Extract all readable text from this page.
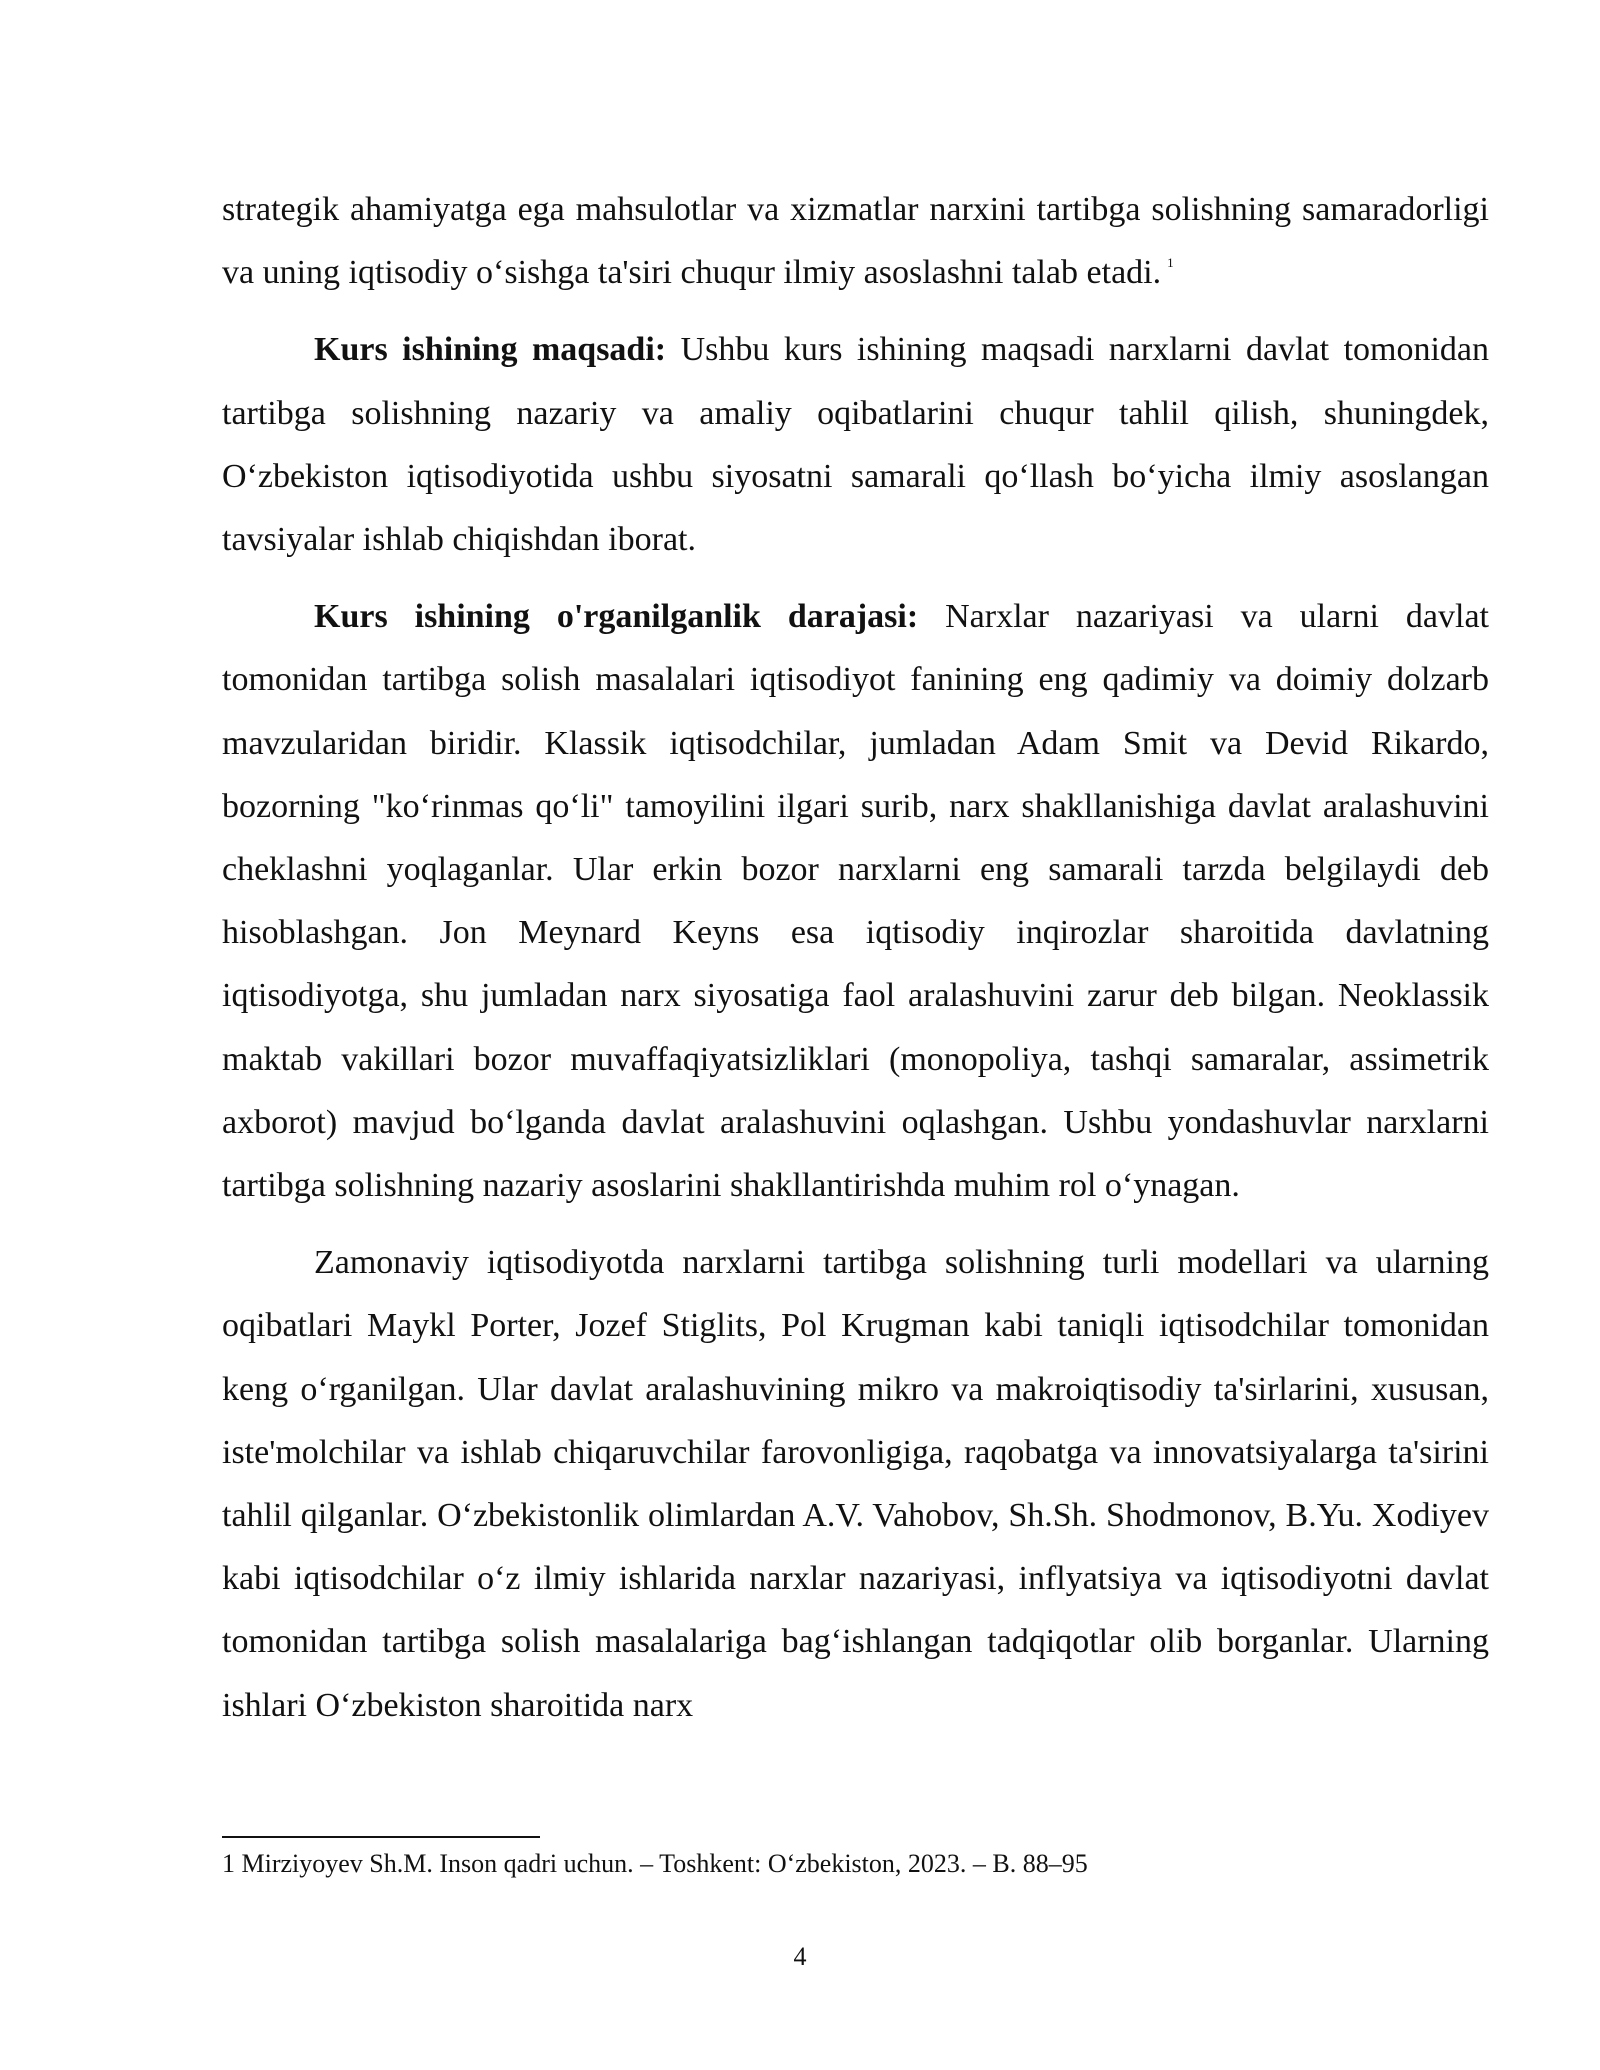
strategik ahamiyatga ega mahsulotlar va xizmatlar narxini tartibga solishning samaradorligi va uning iqtisodiy o‘sishga ta'siri chuqur ilmiy asoslashni talab etadi. $^1$

Kurs ishining maqsadi: Ushbu kurs ishining maqsadi narxlarni davlat tomonidan tartibga solishning nazariy va amaliy oqibatlarini chuqur tahlil qilish, shuningdek, O‘zbekiston iqtisodiyotida ushbu siyosatni samarali qo‘llash bo‘yicha ilmiy asoslangan tavsiyalar ishlab chiqishdan iborat.

Kurs ishining o'rganilganlik darajasi: Narxlar nazariyasi va ularni davlat tomonidan tartibga solish masalalari iqtisodiyot fanining eng qadimiy va doimiy dolzarb mavzularidan biridir. Klassik iqtisodchilar, jumladan Adam Smit va Devid Rikardo, bozorning "ko‘rinmas qo‘li" tamoyilini ilgari surib, narx shakllanishiga davlat aralashuvini cheklashni yoqlaganlar. Ular erkin bozor narxlarni eng samarali tarzda belgilaydi deb hisoblashgan. Jon Meynard Keyns esa iqtisodiy inqirozlar sharoitida davlatning iqtisodiyotga, shu jumladan narx siyosatiga faol aralashuvini zarur deb bilgan. Neoklassik maktab vakillari bozor muvaffaqiyatsizliklari (monopoliya, tashqi samaralar, assimetrik axborot) mavjud bo‘lganda davlat aralashuvini oqlashgan. Ushbu yondashuvlar narxlarni tartibga solishning nazariy asoslarini shakllantirishda muhim rol o‘ynagan.

Zamonaviy iqtisodiyotda narxlarni tartibga solishning turli modellari va ularning oqibatlari Maykl Porter, Jozef Stiglits, Pol Krugman kabi taniqli iqtisodchilar tomonidan keng o‘rganilgan. Ular davlat aralashuvining mikro va makroiqtisodiy ta'sirlarini, xususan, iste'molchilar va ishlab chiqaruvchilar farovonligiga, raqobatga va innovatsiyalarga ta'sirini tahlil qilganlar. O‘zbekistonlik olimlardan A.V. Vahobov, Sh.Sh. Shodmonov, B.Yu. Xodiyev kabi iqtisodchilar o‘z ilmiy ishlarida narxlar nazariyasi, inflyatsiya va iqtisodiyotni davlat tomonidan tartibga solish masalalariga bag‘ishlangan tadqiqotlar olib borganlar. Ularning ishlari O‘zbekiston sharoitida narx

1 Mirziyoyev Sh.M. Inson qadri uchun. – Toshkent: O‘zbekiston, 2023. – B. 88–95
4
